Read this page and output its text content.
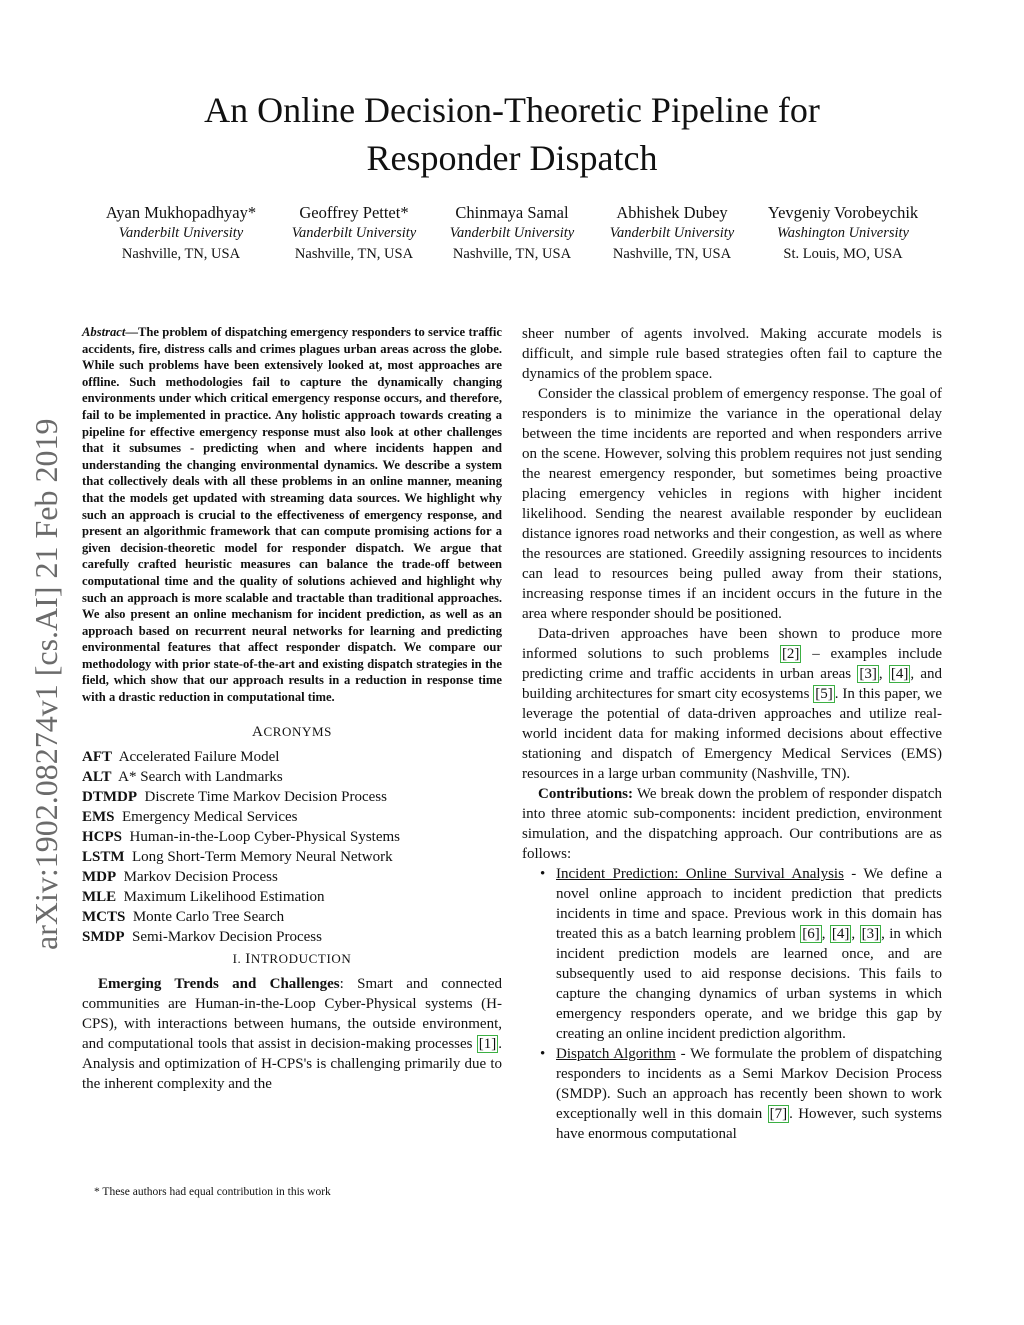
An Online Decision-Theoretic Pipeline for
Responder Dispatch
Ayan Mukhopadhyay*
Vanderbilt University
Nashville, TN, USA
Geoffrey Pettet*
Vanderbilt University
Nashville, TN, USA
Chinmaya Samal
Vanderbilt University
Nashville, TN, USA
Abhishek Dubey
Vanderbilt University
Nashville, TN, USA
Yevgeniy Vorobeychik
Washington University
St. Louis, MO, USA
arXiv:1902.08274v1 [cs.AI] 21 Feb 2019

Abstract—The problem of dispatching emergency responders to service traffic accidents, fire, distress calls and crimes plagues urban areas across the globe. While such problems have been extensively looked at, most approaches are offline. Such methodologies fail to capture the dynamically changing environments under which critical emergency response occurs, and therefore, fail to be implemented in practice. Any holistic approach towards creating a pipeline for effective emergency response must also look at other challenges that it subsumes - predicting when and where incidents happen and understanding the changing environmental dynamics. We describe a system that collectively deals with all these problems in an online manner, meaning that the models get updated with streaming data sources. We highlight why such an approach is crucial to the effectiveness of emergency response, and present an algorithmic framework that can compute promising actions for a given decision-theoretic model for responder dispatch. We argue that carefully crafted heuristic measures can balance the trade-off between computational time and the quality of solutions achieved and highlight why such an approach is more scalable and tractable than traditional approaches. We also present an online mechanism for incident prediction, as well as an approach based on recurrent neural networks for learning and predicting environmental features that affect responder dispatch. We compare our methodology with prior state-of-the-art and existing dispatch strategies in the field, which show that our approach results in a reduction in response time with a drastic reduction in computational time.

ACRONYMS

AFT Accelerated Failure Model

ALT A* Search with Landmarks

DTMDP Discrete Time Markov Decision Process

EMS Emergency Medical Services

HCPS Human-in-the-Loop Cyber-Physical Systems

LSTM Long Short-Term Memory Neural Network

MDP Markov Decision Process

MLE Maximum Likelihood Estimation

MCTS Monte Carlo Tree Search

SMDP Semi-Markov Decision Process

I. INTRODUCTION

Emerging Trends and Challenges: Smart and connected communities are Human-in-the-Loop Cyber-Physical systems (H-CPS), with interactions between humans, the outside environment, and computational tools that assist in decision-making processes [1] . Analysis and optimization of H-CPS's is challenging primarily due to the inherent complexity and the

* These authors had equal contribution in this work

sheer number of agents involved. Making accurate models is difficult, and simple rule based strategies often fail to capture the dynamics of the problem space.

Consider the classical problem of emergency response. The goal of responders is to minimize the variance in the operational delay between the time incidents are reported and when responders arrive on the scene. However, solving this problem requires not just sending the nearest emergency responder, but sometimes being proactive placing emergency vehicles in regions with higher incident likelihood. Sending the nearest available responder by euclidean distance ignores road networks and their congestion, as well as where the resources are stationed. Greedily assigning resources to incidents can lead to resources being pulled away from their stations, increasing response times if an incident occurs in the future in the area where responder should be positioned.

Data-driven approaches have been shown to produce more informed solutions to such problems [2] – examples include predicting crime and traffic accidents in urban areas [3] , [4] , and building architectures for smart city ecosystems [5] . In this paper, we leverage the potential of data-driven approaches and utilize real-world incident data for making informed decisions about effective stationing and dispatch of Emergency Medical Services (EMS) resources in a large urban community (Nashville, TN).

Contributions: We break down the problem of responder dispatch into three atomic sub-components: incident prediction, environment simulation, and the dispatching approach. Our contributions are as follows:

• Incident Prediction: Online Survival Analysis - We define a novel online approach to incident prediction that predicts incidents in time and space. Previous work in this domain has treated this as a batch learning problem [6] , [4] , [3] , in which incident prediction models are learned once, and are subsequently used to aid response decisions. This fails to capture the changing dynamics of urban systems in which emergency responders operate, and we bridge this gap by creating an online incident prediction algorithm.

• Dispatch Algorithm - We formulate the problem of dispatching responders to incidents as a Semi Markov Decision Process (SMDP). Such an approach has recently been shown to work exceptionally well in this domain [7] . However, such systems have enormous computational
